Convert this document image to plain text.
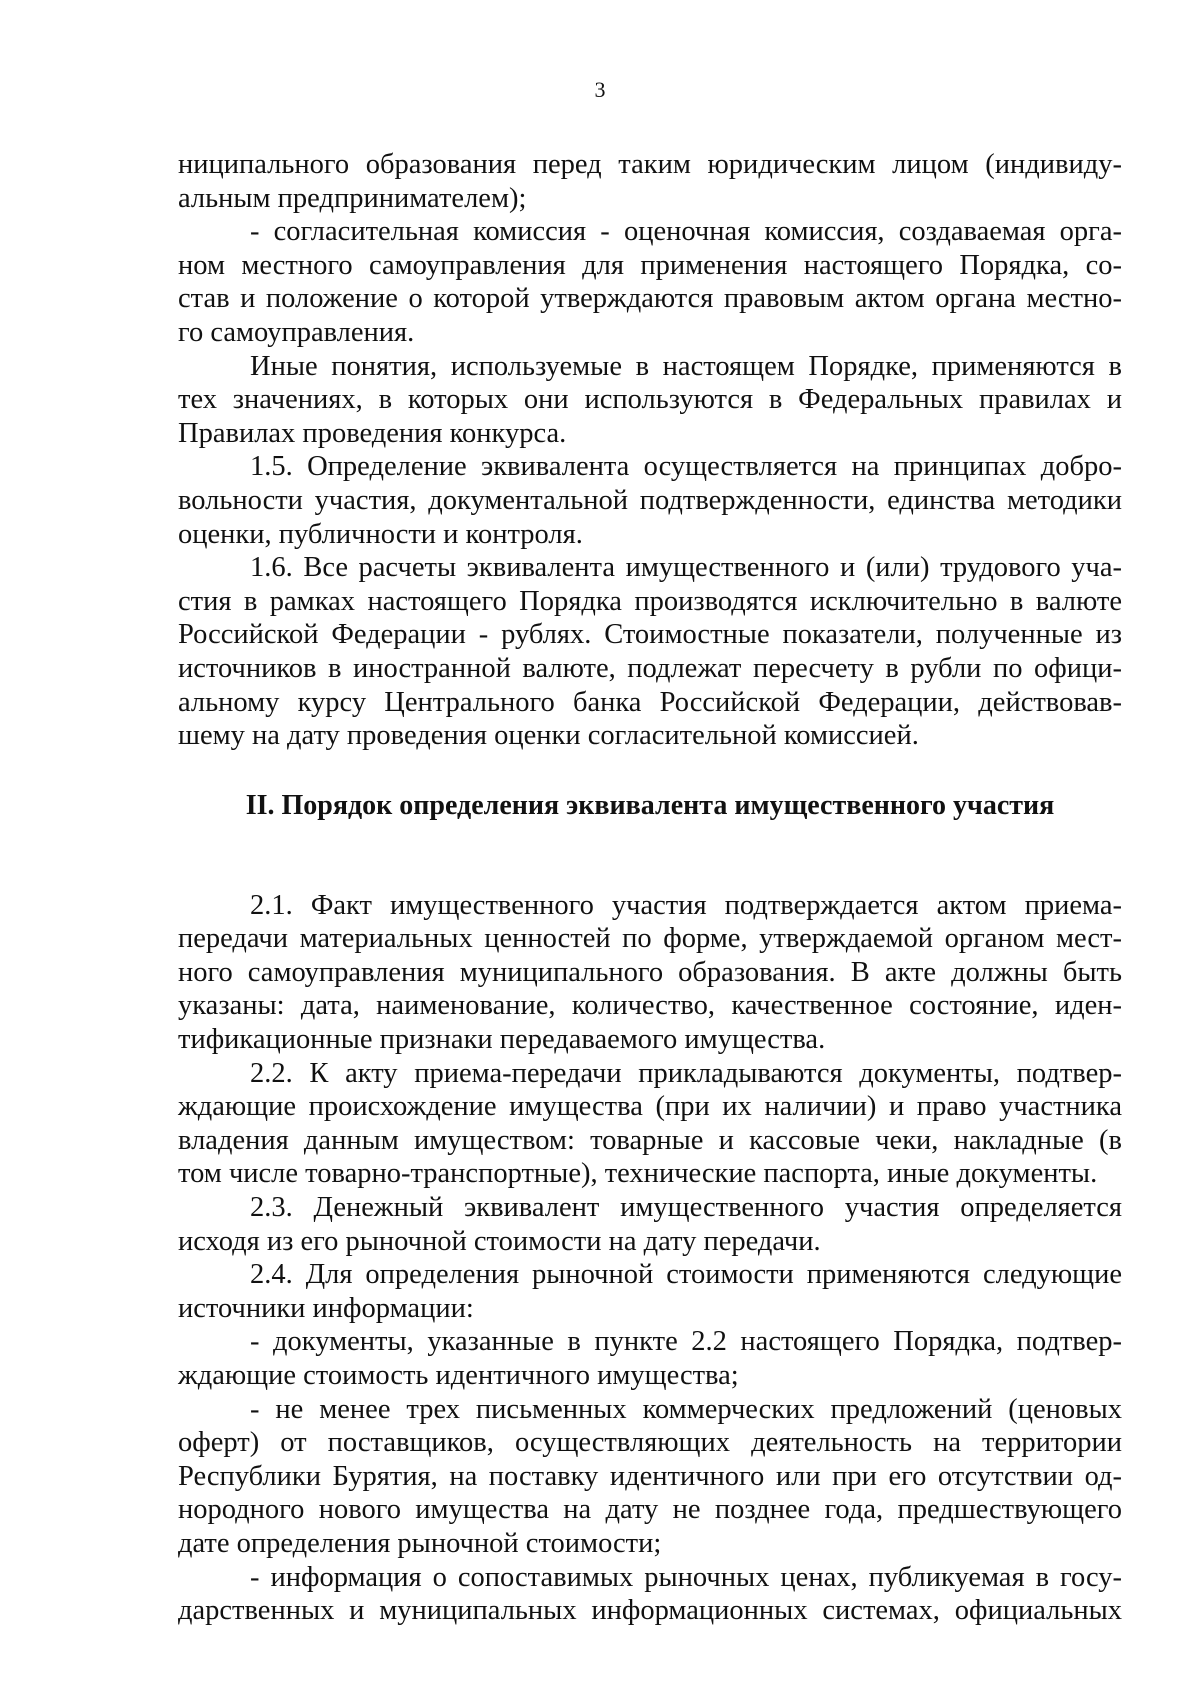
3
ниципального образования перед таким юридическим лицом (индивиду-
альным предпринимателем);
- согласительная комиссия - оценочная комиссия, создаваемая орга-
ном местного самоуправления для применения настоящего Порядка, со-
став и положение о которой утверждаются правовым актом органа местно-
го самоуправления.
Иные понятия, используемые в настоящем Порядке, применяются в
тех значениях, в которых они используются в Федеральных правилах и
Правилах проведения конкурса.
1.5. Определение эквивалента осуществляется на принципах добро-
вольности участия, документальной подтвержденности, единства методики
оценки, публичности и контроля.
1.6. Все расчеты эквивалента имущественного и (или) трудового уча-
стия в рамках настоящего Порядка производятся исключительно в валюте
Российской Федерации - рублях. Стоимостные показатели, полученные из
источников в иностранной валюте, подлежат пересчету в рубли по офици-
альному курсу Центрального банка Российской Федерации, действовав-
шему на дату проведения оценки согласительной комиссией.
II. Порядок определения эквивалента имущественного участия
2.1. Факт имущественного участия подтверждается актом приема-
передачи материальных ценностей по форме, утверждаемой органом мест-
ного самоуправления муниципального образования. В акте должны быть
указаны: дата, наименование, количество, качественное состояние, иден-
тификационные признаки передаваемого имущества.
2.2. К акту приема-передачи прикладываются документы, подтвер-
ждающие происхождение имущества (при их наличии) и право участника
владения данным имуществом: товарные и кассовые чеки, накладные (в
том числе товарно-транспортные), технические паспорта, иные документы.
2.3. Денежный эквивалент имущественного участия определяется
исходя из его рыночной стоимости на дату передачи.
2.4. Для определения рыночной стоимости применяются следующие
источники информации:
- документы, указанные в пункте 2.2 настоящего Порядка, подтвер-
ждающие стоимость идентичного имущества;
- не менее трех письменных коммерческих предложений (ценовых
оферт) от поставщиков, осуществляющих деятельность на территории
Республики Бурятия, на поставку идентичного или при его отсутствии од-
нородного нового имущества на дату не позднее года, предшествующего
дате определения рыночной стоимости;
- информация о сопоставимых рыночных ценах, публикуемая в госу-
дарственных и муниципальных информационных системах, официальных
